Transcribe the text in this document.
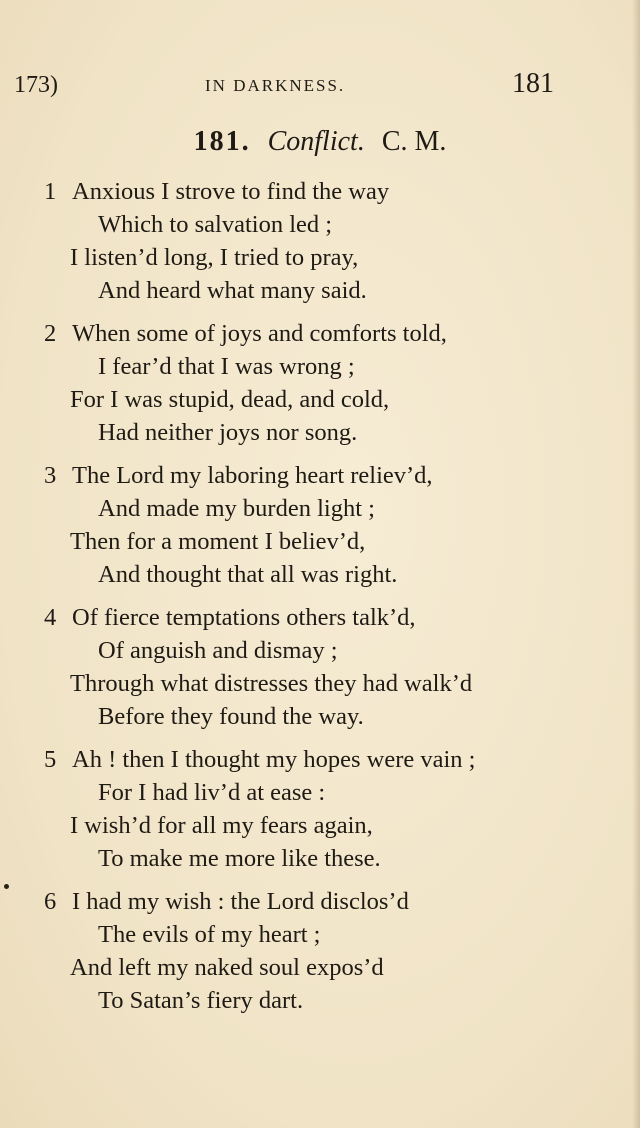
173)	IN DARKNESS.	181
181. Conflict. C. M.
1 Anxious I strove to find the way
Which to salvation led ;
I listen’d long, I tried to pray,
And heard what many said.
2 When some of joys and comforts told,
I fear’d that I was wrong ;
For I was stupid, dead, and cold,
Had neither joys nor song.
3 The Lord my laboring heart reliev’d,
And made my burden light ;
Then for a moment I believ’d,
And thought that all was right.
4 Of fierce temptations others talk’d,
Of anguish and dismay ;
Through what distresses they had walk’d
Before they found the way.
5 Ah ! then I thought my hopes were vain ;
For I had liv’d at ease :
I wish’d for all my fears again,
To make me more like these.
6 I had my wish : the Lord disclos’d
The evils of my heart ;
And left my naked soul expos’d
To Satan’s fiery dart.
